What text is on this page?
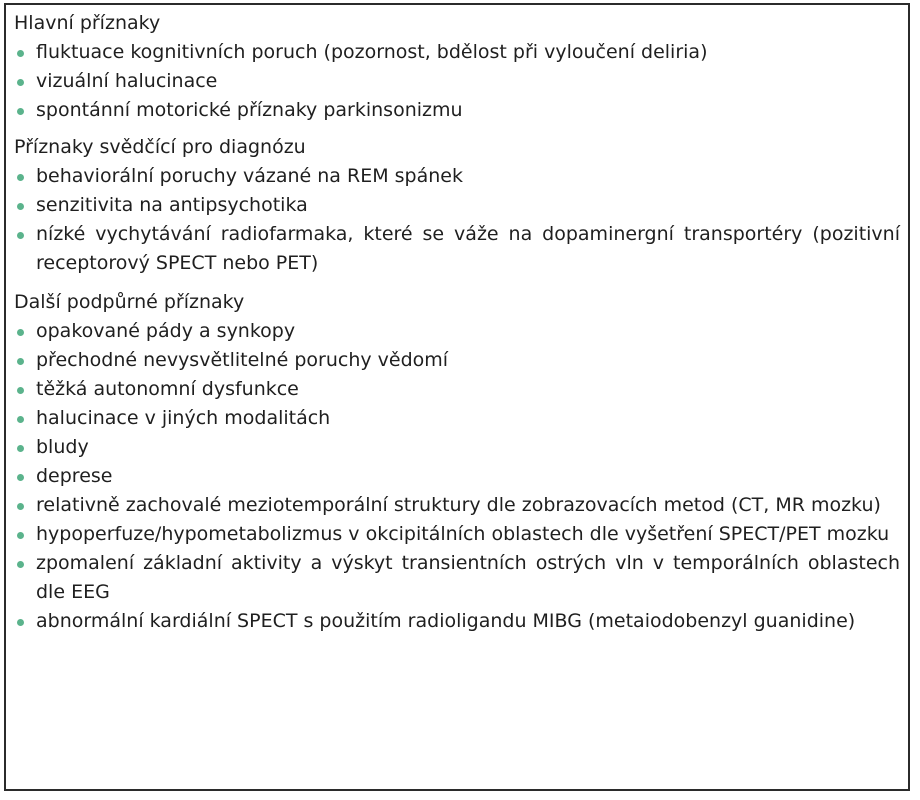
Hlavní příznaky

fluktuace kognitivních poruch (pozornost, bdělost při vyloučení deliria)
vizuální halucinace
spontánní motorické příznaky parkinsonizmu

Příznaky svědčící pro diagnózu

behaviorální poruchy vázané na REM spánek
senzitivita na antipsychotika
nízké vychytávání radiofarmaka, které se váže na dopaminergní transportéry (pozitivní receptorový SPECT nebo PET)

Další podpůrné příznaky

opakované pády a synkopy
přechodné nevysvětlitelné poruchy vědomí
těžká autonomní dysfunkce
halucinace v jiných modalitách
bludy
deprese
relativně zachovalé meziotemporální struktury dle zobrazovacích metod (CT, MR mozku)
hypoperfuze/hypometabolizmus v okcipitálních oblastech dle vyšetření SPECT/PET mozku
zpomalení základní aktivity a výskyt transientních ostrých vln v temporálních oblastech dle EEG
abnormální kardiální SPECT s použitím radioligandu MIBG (metaiodobenzyl guanidine)
